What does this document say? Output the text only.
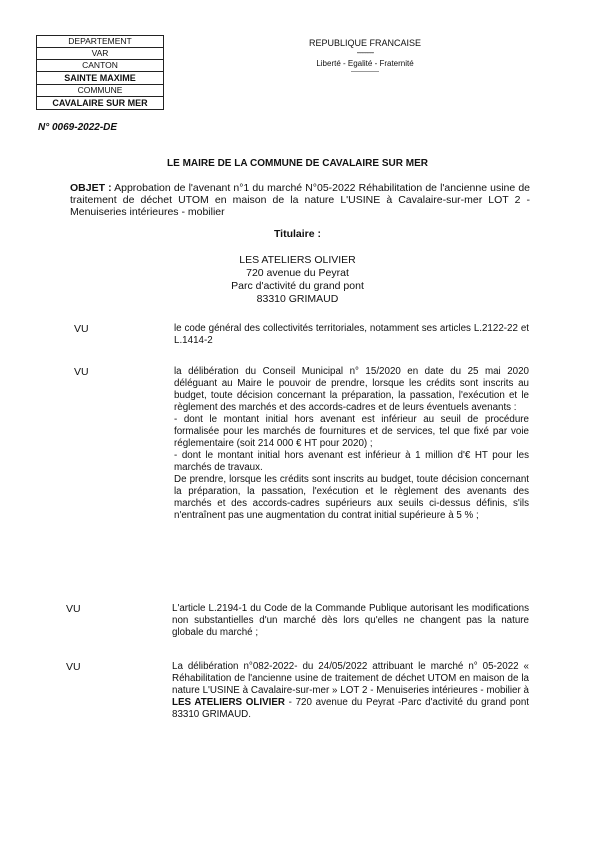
DEPARTEMENT
VAR
CANTON
SAINTE MAXIME
COMMUNE
CAVALAIRE SUR MER
REPUBLIQUE FRANCAISE
----------
Liberté - Egalité - Fraternité
N° 0069-2022-DE
LE MAIRE DE LA COMMUNE DE CAVALAIRE SUR MER
OBJET : Approbation de l'avenant n°1 du marché N°05-2022 Réhabilitation de l'ancienne usine de traitement de déchet UTOM en maison de la nature L'USINE à Cavalaire-sur-mer LOT 2 - Menuiseries intérieures - mobilier
Titulaire :
LES ATELIERS OLIVIER
720 avenue du Peyrat
Parc d'activité du grand pont
83310 GRIMAUD
VU	le code général des collectivités territoriales, notamment ses articles L.2122-22 et L.1414-2
VU	la délibération du Conseil Municipal n° 15/2020 en date du 25 mai 2020 déléguant au Maire le pouvoir de prendre, lorsque les crédits sont inscrits au budget, toute décision concernant la préparation, la passation, l'exécution et le règlement des marchés et des accords-cadres et de leurs éventuels avenants :
- dont le montant initial hors avenant est inférieur au seuil de procédure formalisée pour les marchés de fournitures et de services, tel que fixé par voie réglementaire (soit 214 000 € HT pour 2020) ;
- dont le montant initial hors avenant est inférieur à 1 million d'€ HT pour les marchés de travaux.
De prendre, lorsque les crédits sont inscrits au budget, toute décision concernant la préparation, la passation, l'exécution et le règlement des avenants des marchés et des accords-cadres supérieurs aux seuils ci-dessus définis, s'ils n'entraînent pas une augmentation du contrat initial supérieure à 5 % ;
VU	L'article L.2194-1 du Code de la Commande Publique autorisant les modifications non substantielles d'un marché dès lors qu'elles ne changent pas la nature globale du marché ;
VU	La délibération n°082-2022- du 24/05/2022 attribuant le marché n° 05-2022 « Réhabilitation de l'ancienne usine de traitement de déchet UTOM en maison de la nature L'USINE à Cavalaire-sur-mer » LOT 2 - Menuiseries intérieures - mobilier à LES ATELIERS OLIVIER - 720 avenue du Peyrat -Parc d'activité du grand pont 83310 GRIMAUD.
